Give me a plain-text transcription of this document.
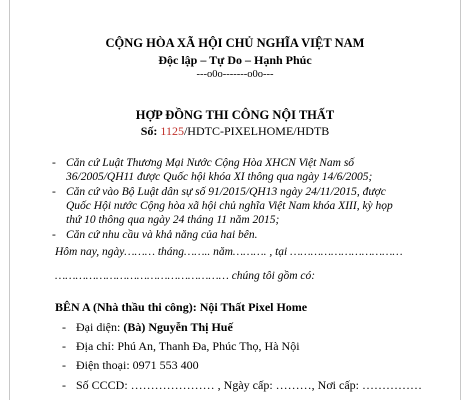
CỘNG HÒA XÃ HỘI CHỦ NGHĨA VIỆT NAM
Độc lập – Tự Do – Hạnh Phúc
---o0o-------o0o---
HỢP ĐỒNG THI CÔNG NỘI THẤT
Số: 1125/HDTC-PIXELHOME/HDTB
- Căn cứ Luật Thương Mại Nước Cộng Hòa XHCN Việt Nam số 36/2005/QH11 được Quốc hội khóa XI thông qua ngày 14/6/2005;
- Căn cứ vào Bộ Luật dân sự số 91/2015/QH13 ngày 24/11/2015, được Quốc Hội nước Cộng hòa xã hội chủ nghĩa Việt Nam khóa XIII, kỳ họp thứ 10 thông qua ngày 24 tháng 11 năm 2015;
- Căn cứ nhu cầu và khả năng của hai bên.
Hôm nay, ngày……… tháng…….. năm………. , tại ……………………………
…………………………………………… chúng tôi gồm có:
BÊN A (Nhà thầu thi công): Nội Thất Pixel Home
- Đại diện: (Bà) Nguyễn Thị Huế
- Địa chỉ: Phú An, Thanh Đa, Phúc Thọ, Hà Nội
- Điện thoại: 0971 553 400
- Số CCCD: ………………… , Ngày cấp: ………, Nơi cấp: ……………
